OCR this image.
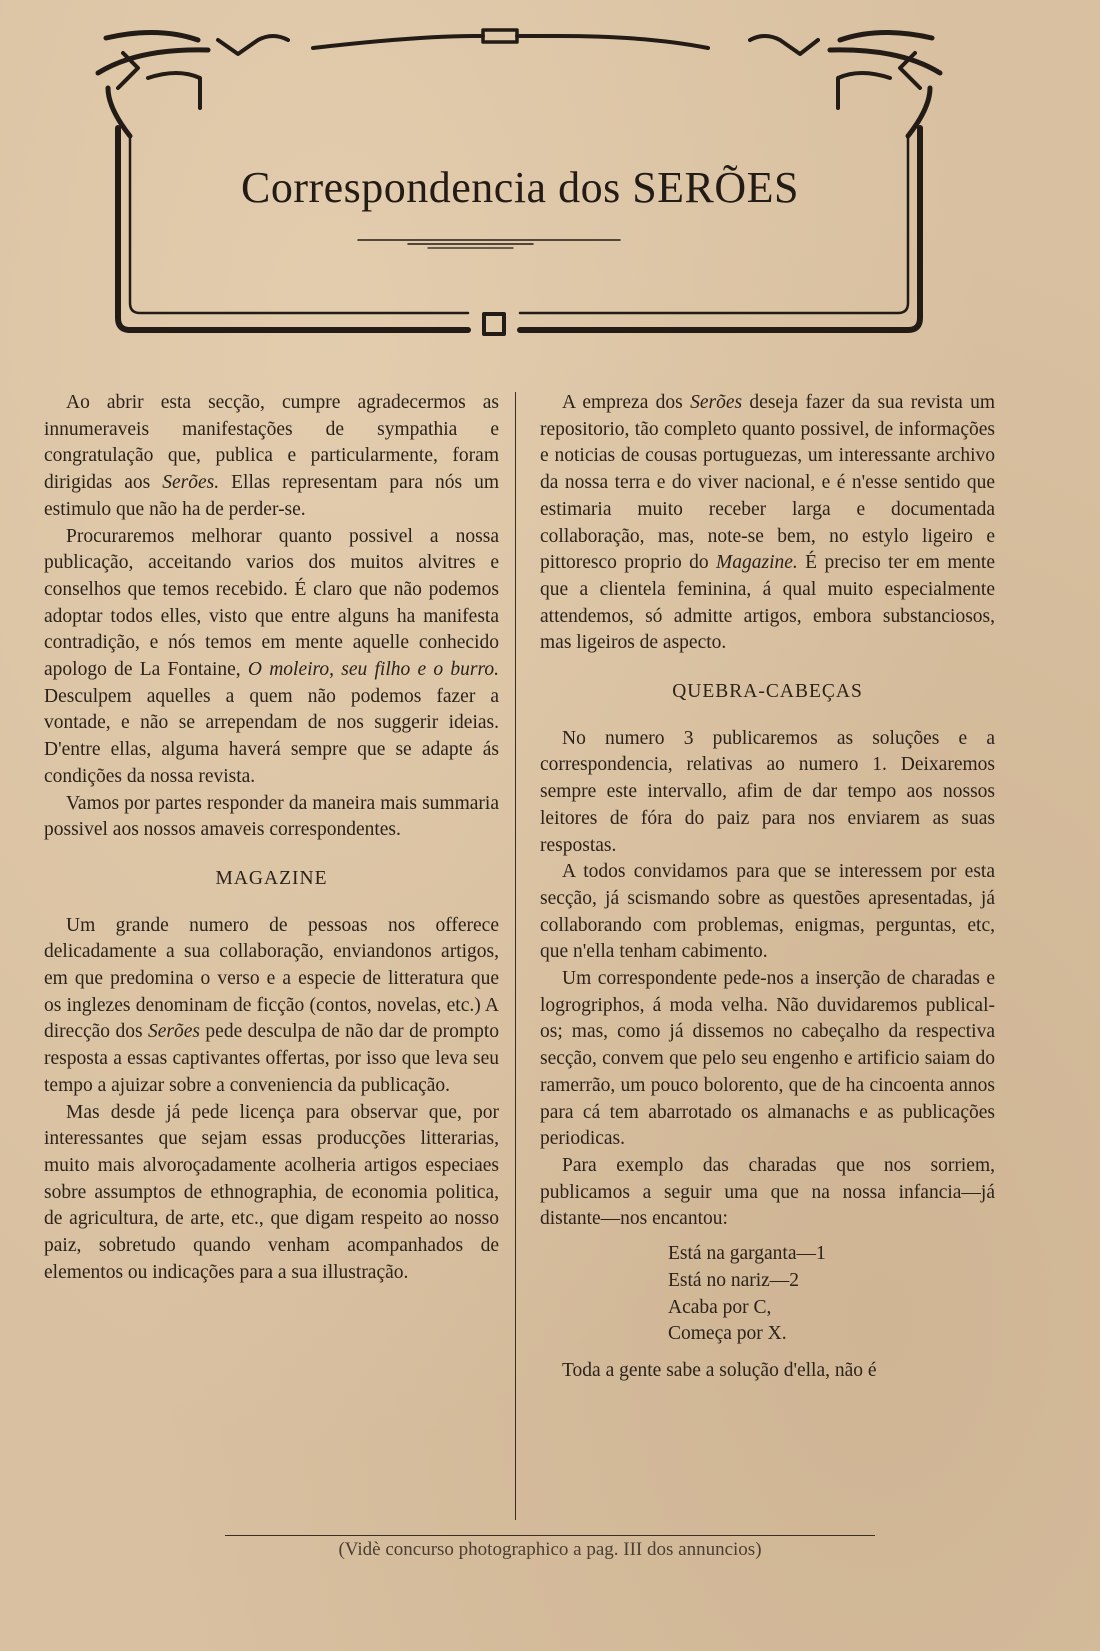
Correspondencia dos SERÕES

Ao abrir esta secção, cumpre agradecermos as innumeraveis manifestações de sympathia e congratulação que, publica e particularmente, foram dirigidas aos Serões. Ellas representam para nós um estimulo que não ha de perder-se.

Procuraremos melhorar quanto possivel a nossa publicação, acceitando varios dos muitos alvitres e conselhos que temos recebido. É claro que não podemos adoptar todos elles, visto que entre alguns ha manifesta contradição, e nós temos em mente aquelle conhecido apologo de La Fontaine, O moleiro, seu filho e o burro. Desculpem aquelles a quem não podemos fazer a vontade, e não se arrependam de nos suggerir ideias. D'entre ellas, alguma haverá sempre que se adapte ás condições da nossa revista.

Vamos por partes responder da maneira mais summaria possivel aos nossos amaveis correspondentes.

MAGAZINE

Um grande numero de pessoas nos offerece delicadamente a sua collaboração, enviandonos artigos, em que predomina o verso e a especie de litteratura que os inglezes denominam de ficção (contos, novelas, etc.) A direcção dos Serões pede desculpa de não dar de prompto resposta a essas captivantes offertas, por isso que leva seu tempo a ajuizar sobre a conveniencia da publicação.

Mas desde já pede licença para observar que, por interessantes que sejam essas producções litterarias, muito mais alvoroçadamente acolheria artigos especiaes sobre assumptos de ethnographia, de economia politica, de agricultura, de arte, etc., que digam respeito ao nosso paiz, sobretudo quando venham acompanhados de elementos ou indicações para a sua illustração.

A empreza dos Serões deseja fazer da sua revista um repositorio, tão completo quanto possivel, de informações e noticias de cousas portuguezas, um interessante archivo da nossa terra e do viver nacional, e é n'esse sentido que estimaria muito receber larga e documentada collaboração, mas, note-se bem, no estylo ligeiro e pittoresco proprio do Magazine. É preciso ter em mente que a clientela feminina, á qual muito especialmente attendemos, só admitte artigos, embora substanciosos, mas ligeiros de aspecto.

QUEBRA-CABEÇAS

No numero 3 publicaremos as soluções e a correspondencia, relativas ao numero 1. Deixaremos sempre este intervallo, afim de dar tempo aos nossos leitores de fóra do paiz para nos enviarem as suas respostas.

A todos convidamos para que se interessem por esta secção, já scismando sobre as questões apresentadas, já collaborando com problemas, enigmas, perguntas, etc, que n'ella tenham cabimento.

Um correspondente pede-nos a inserção de charadas e logrogriphos, á moda velha. Não duvidaremos publical-os; mas, como já dissemos no cabeçalho da respectiva secção, convem que pelo seu engenho e artificio saiam do ramerrão, um pouco bolorento, que de ha cincoenta annos para cá tem abarrotado os almanachs e as publicações periodicas.

Para exemplo das charadas que nos sorriem, publicamos a seguir uma que na nossa infancia—já distante—nos encantou:

Está na garganta—1
Está no nariz—2
Acaba por C,
Começa por X.

Toda a gente sabe a solução d'ella, não é

(Vidè concurso photographico a pag. III dos annuncios)
